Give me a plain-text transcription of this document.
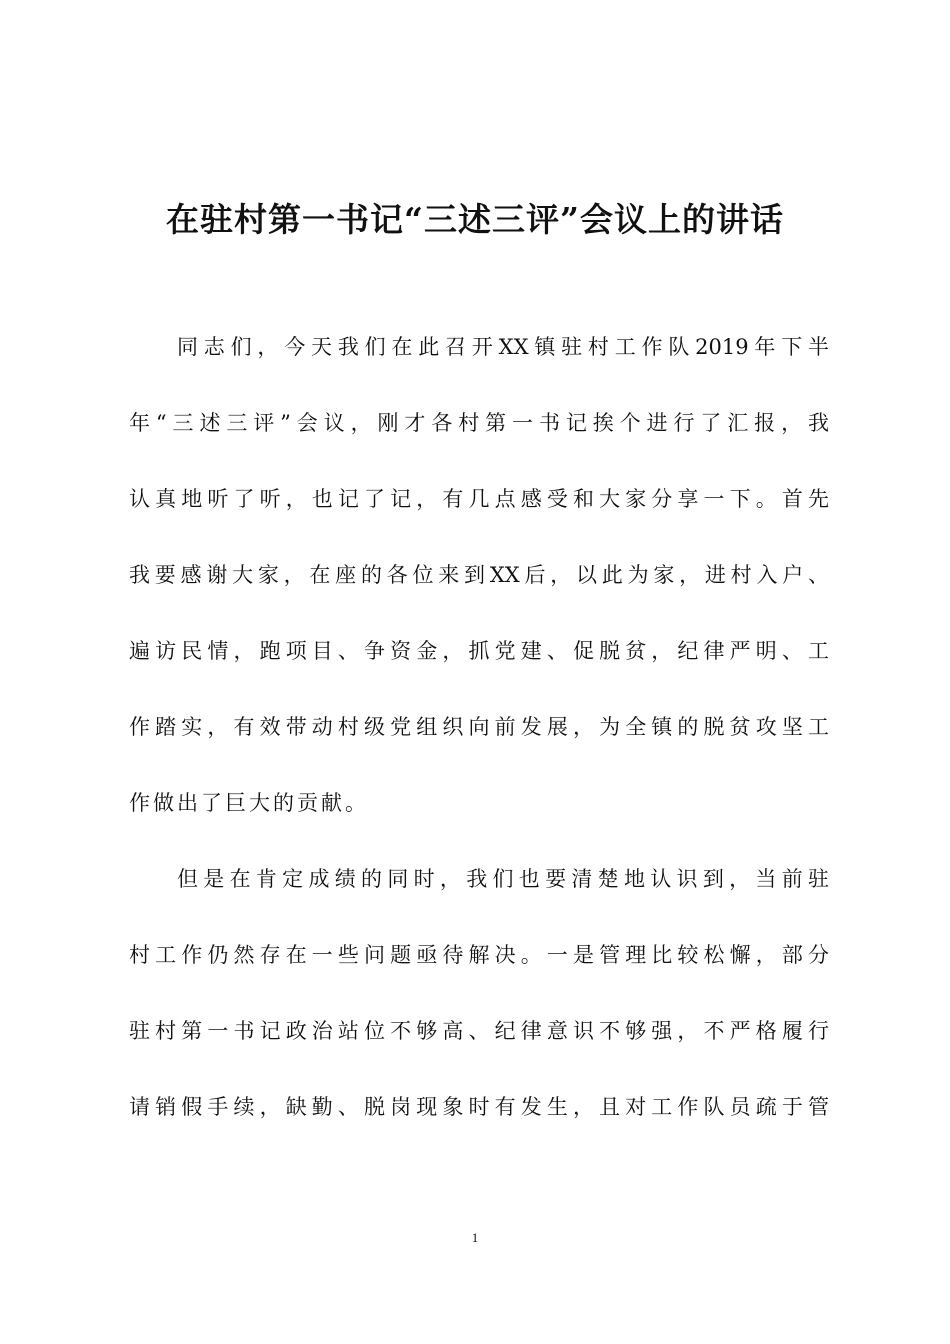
在驻村第一书记“三述三评”会议上的讲话
同志们，今天我们在此召开XX镇驻村工作队2019年下半
年“三述三评”会议，刚才各村第一书记挨个进行了汇报，我
认真地听了听，也记了记，有几点感受和大家分享一下。首先
我要感谢大家，在座的各位来到XX后，以此为家，进村入户、
遍访民情，跑项目、争资金，抓党建、促脱贫，纪律严明、工
作踏实，有效带动村级党组织向前发展，为全镇的脱贫攻坚工
作做出了巨大的贡献。
但是在肯定成绩的同时，我们也要清楚地认识到，当前驻
村工作仍然存在一些问题亟待解决。一是管理比较松懈，部分
驻村第一书记政治站位不够高、纪律意识不够强，不严格履行
请销假手续，缺勤、脱岗现象时有发生，且对工作队员疏于管
1
